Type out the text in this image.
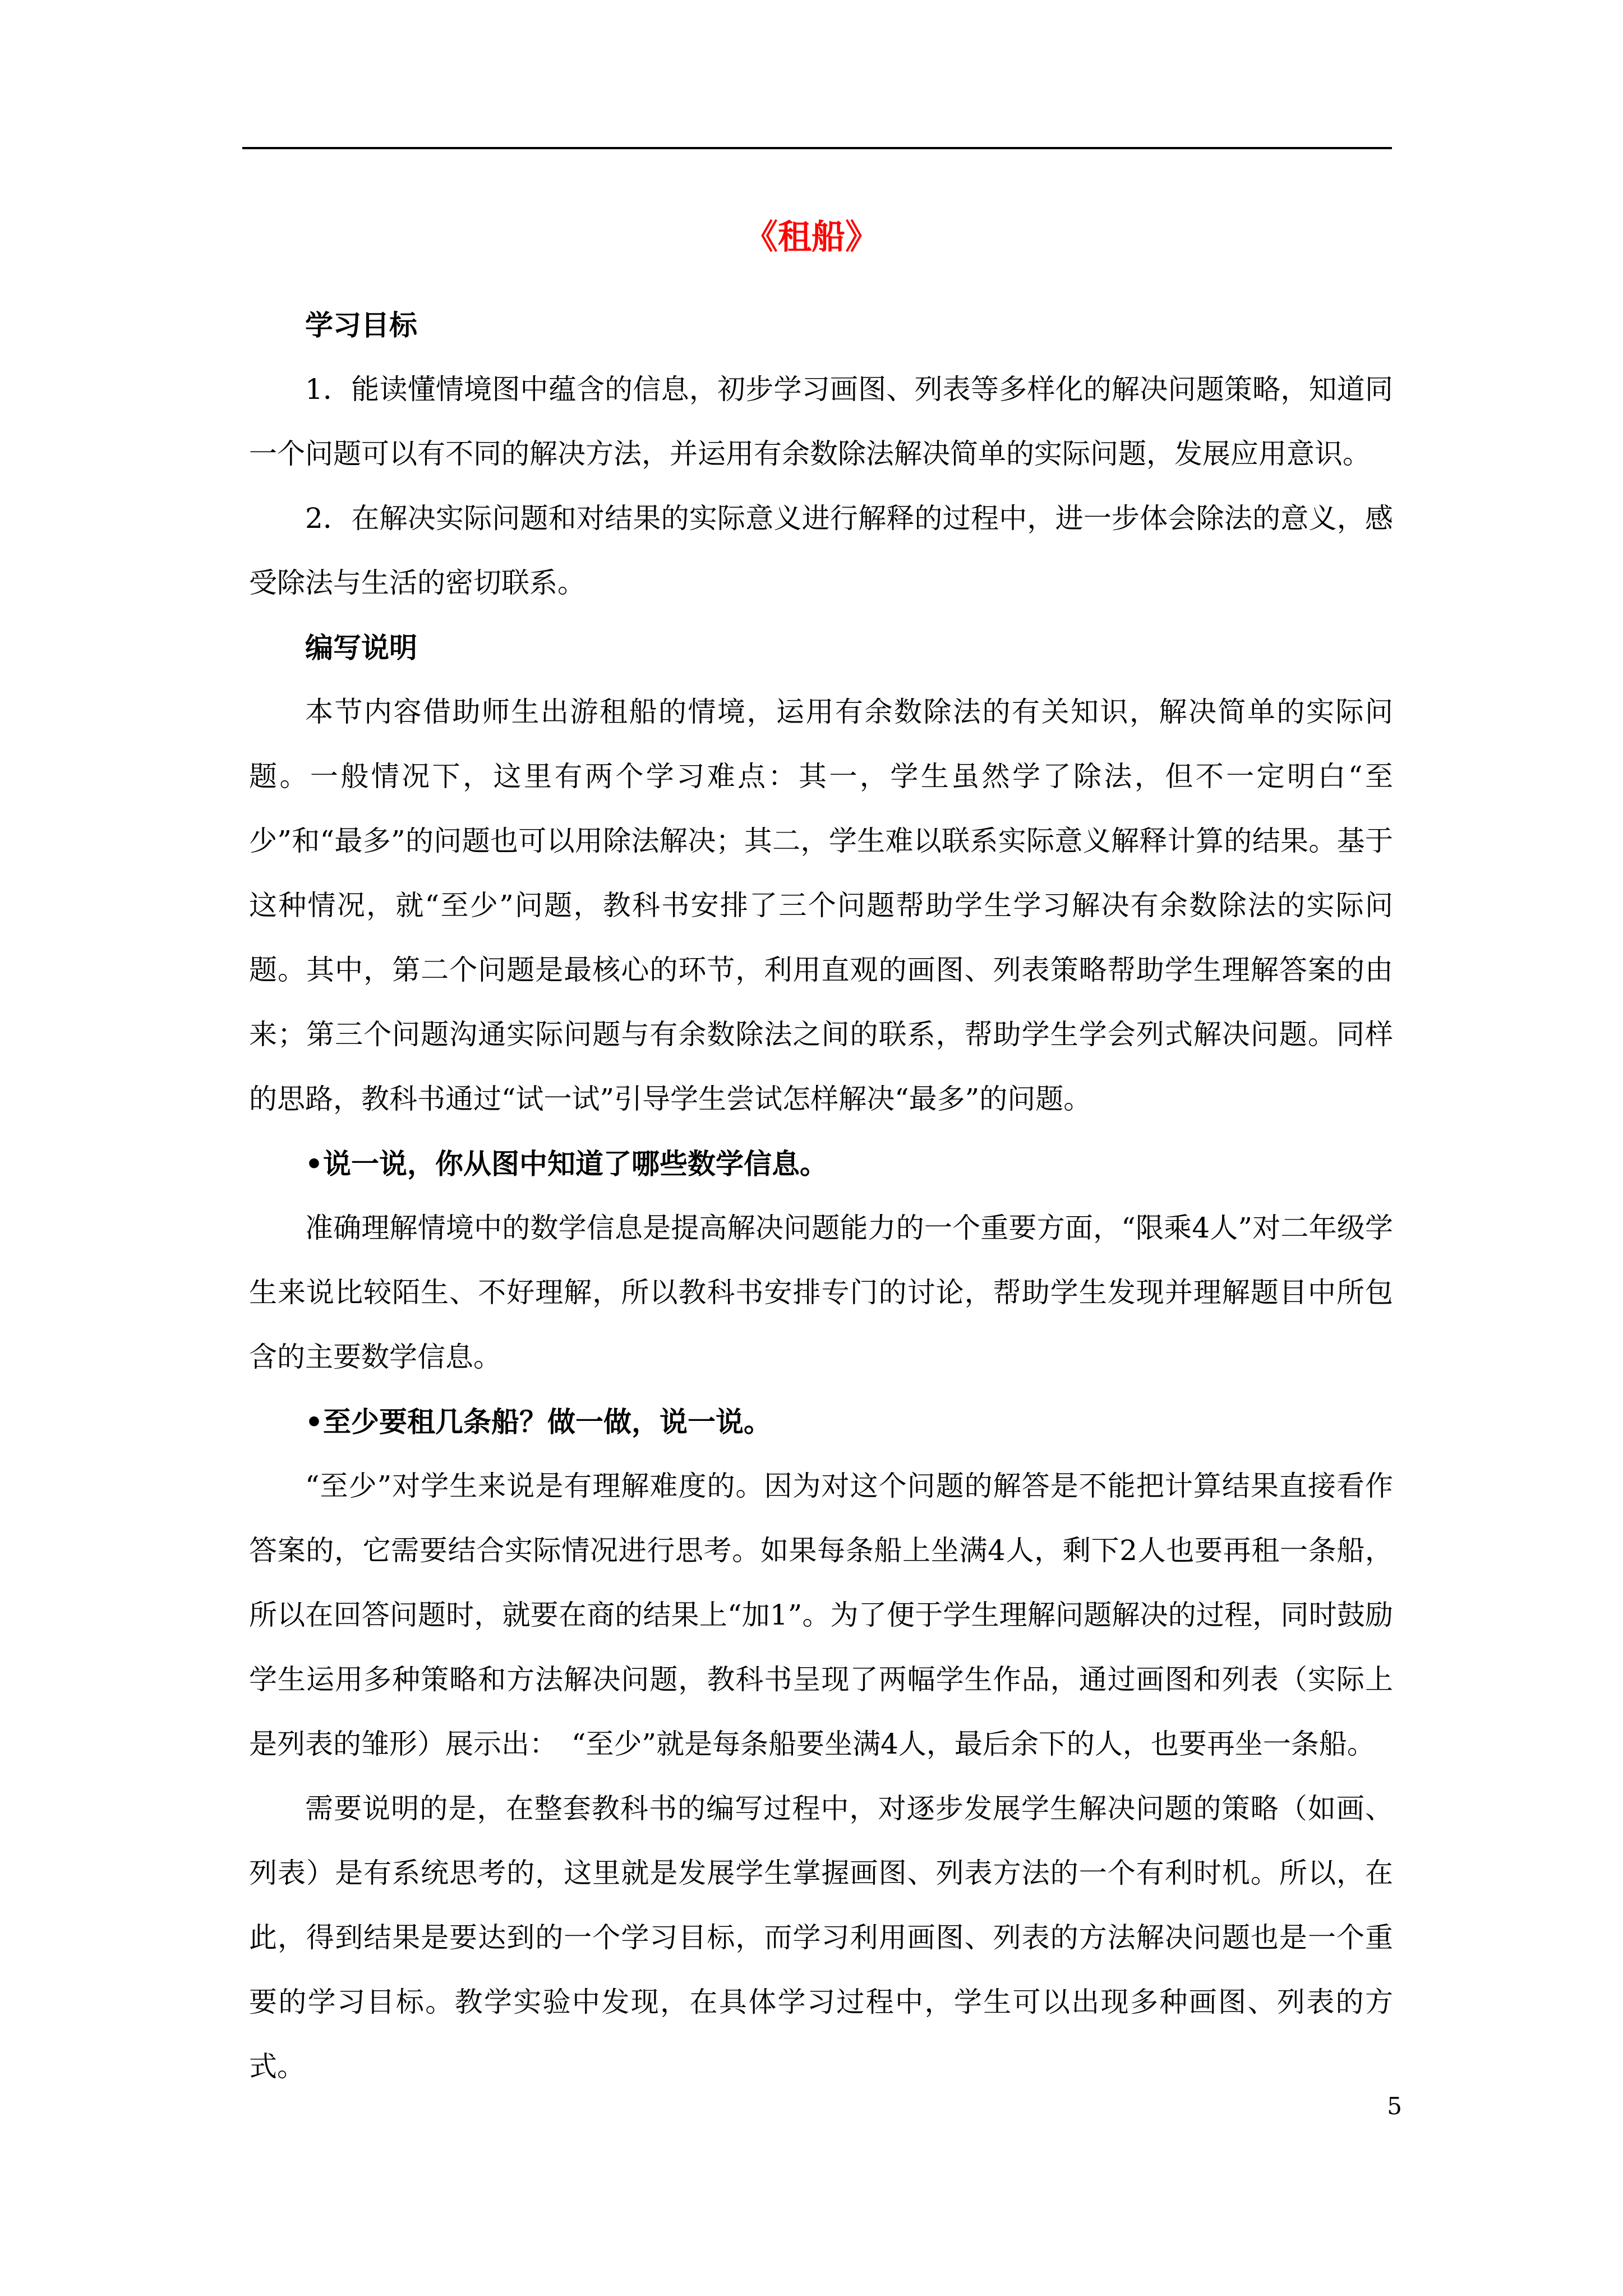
《租船》

学习目标

1．能读懂情境图中蕴含的信息，初步学习画图、列表等多样化的解决问题策略，知道同一个问题可以有不同的解决方法，并运用有余数除法解决简单的实际问题，发展应用意识。

2．在解决实际问题和对结果的实际意义进行解释的过程中，进一步体会除法的意义，感受除法与生活的密切联系。

编写说明

本节内容借助师生出游租船的情境，运用有余数除法的有关知识，解决简单的实际问题。一般情况下，这里有两个学习难点：其一，学生虽然学了除法，但不一定明白“至少”和“最多”的问题也可以用除法解决；其二，学生难以联系实际意义解释计算的结果。基于这种情况，就“至少”问题，教科书安排了三个问题帮助学生学习解决有余数除法的实际问题。其中，第二个问题是最核心的环节，利用直观的画图、列表策略帮助学生理解答案的由来；第三个问题沟通实际问题与有余数除法之间的联系，帮助学生学会列式解决问题。同样的思路，教科书通过“试一试”引导学生尝试怎样解决“最多”的问题。

•说一说，你从图中知道了哪些数学信息。

准确理解情境中的数学信息是提高解决问题能力的一个重要方面，“限乘4人”对二年级学生来说比较陌生、不好理解，所以教科书安排专门的讨论，帮助学生发现并理解题目中所包含的主要数学信息。

•至少要租几条船？做一做，说一说。

“至少”对学生来说是有理解难度的。因为对这个问题的解答是不能把计算结果直接看作答案的，它需要结合实际情况进行思考。如果每条船上坐满4人，剩下2人也要再租一条船，所以在回答问题时，就要在商的结果上“加1”。为了便于学生理解问题解决的过程，同时鼓励学生运用多种策略和方法解决问题，教科书呈现了两幅学生作品，通过画图和列表（实际上是列表的雏形）展示出：　“至少”就是每条船要坐满4人，最后余下的人，也要再坐一条船。

需要说明的是，在整套教科书的编写过程中，对逐步发展学生解决问题的策略（如画、列表）是有系统思考的，这里就是发展学生掌握画图、列表方法的一个有利时机。所以，在此，得到结果是要达到的一个学习目标，而学习利用画图、列表的方法解决问题也是一个重要的学习目标。教学实验中发现，在具体学习过程中，学生可以出现多种画图、列表的方式。

5
